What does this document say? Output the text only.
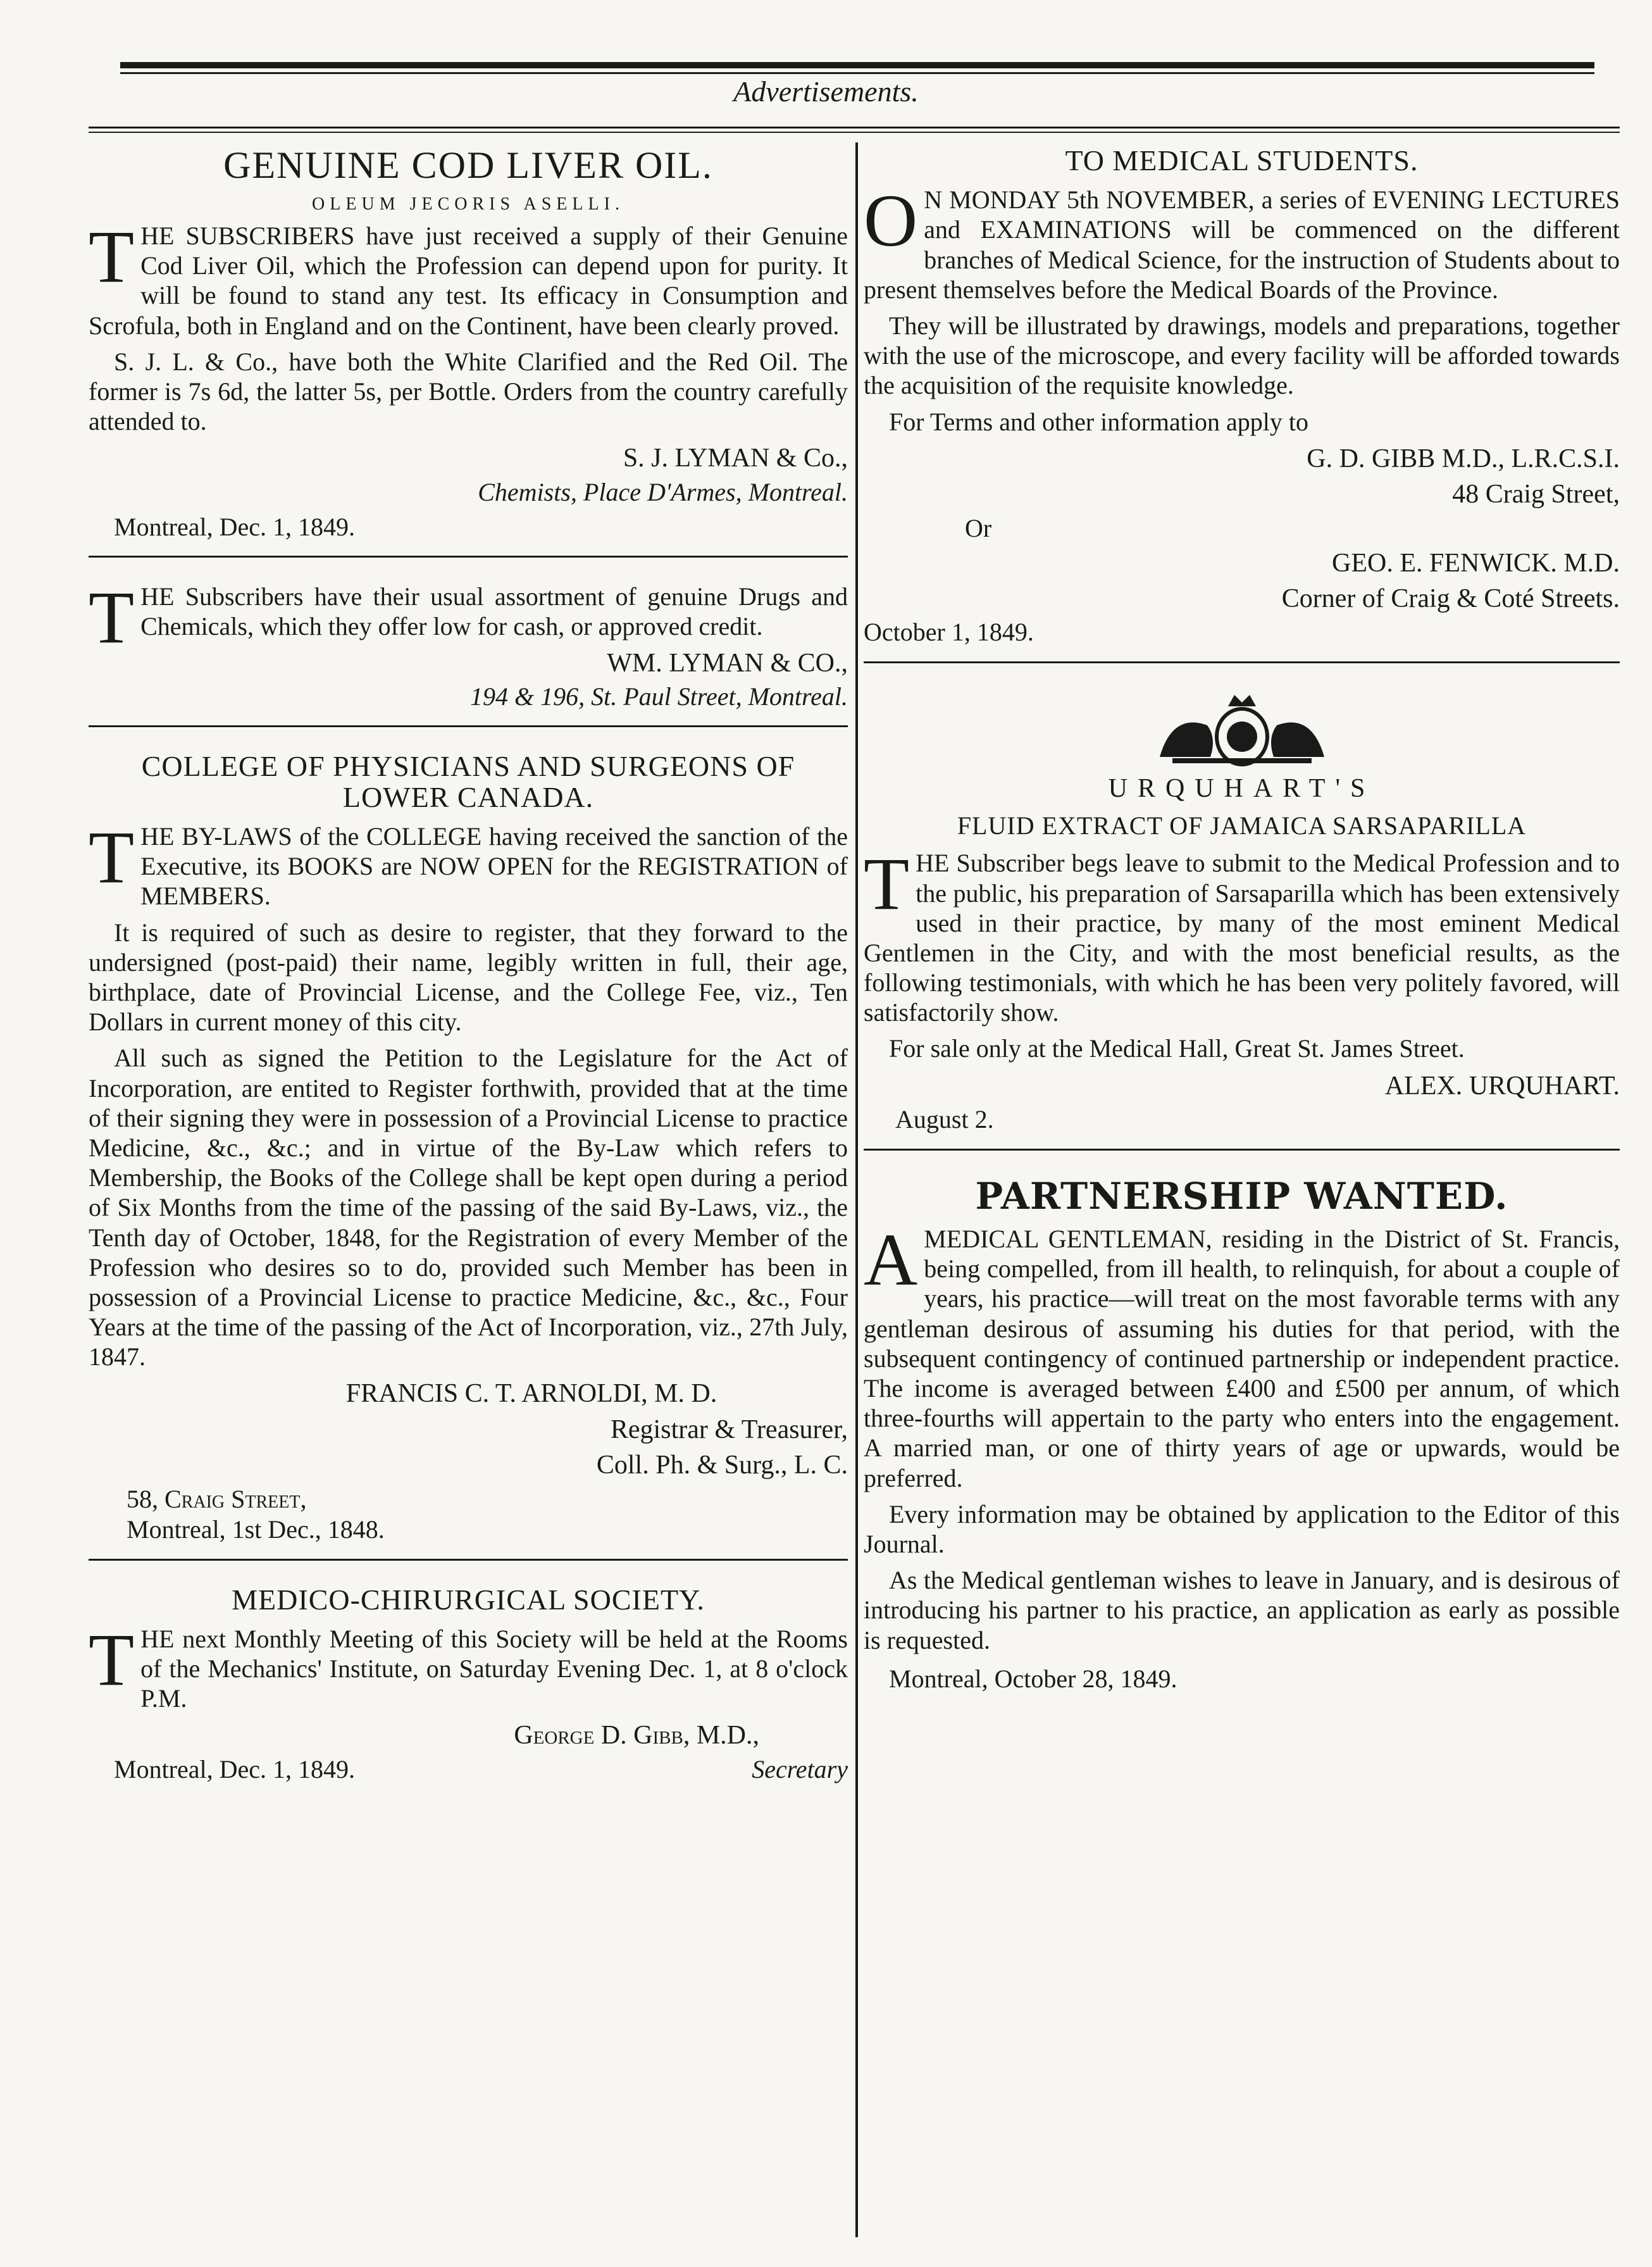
Advertisements.
GENUINE COD LIVER OIL.
OLEUM JECORIS ASELLI.

THE SUBSCRIBERS have just received a supply of their Genuine Cod Liver Oil, which the Profession can depend upon for purity. It will be found to stand any test. Its efficacy in Consumption and Scrofula, both in England and on the Continent, have been clearly proved.

S. J. L. & Co., have both the White Clarified and the Red Oil. The former is 7s 6d, the latter 5s, per Bottle. Orders from the country carefully attended to.

S. J. LYMAN & Co.,
Chemists, Place D'Armes, Montreal.
Montreal, Dec. 1, 1849.

THE Subscribers have their usual assortment of genuine Drugs and Chemicals, which they offer low for cash, or approved credit.

WM. LYMAN & CO.,
194 & 196, St. Paul Street, Montreal.
COLLEGE OF PHYSICIANS AND SURGEONS OF LOWER CANADA.

THE BY-LAWS of the COLLEGE having received the sanction of the Executive, its BOOKS are NOW OPEN for the REGISTRATION of MEMBERS.

It is required of such as desire to register, that they forward to the undersigned (post-paid) their name, legibly written in full, their age, birthplace, date of Provincial License, and the College Fee, viz., Ten Dollars in current money of this city.

All such as signed the Petition to the Legislature for the Act of Incorporation, are entited to Register forthwith, provided that at the time of their signing they were in possession of a Provincial License to practice Medicine, &c., &c.; and in virtue of the By-Law which refers to Membership, the Books of the College shall be kept open during a period of Six Months from the time of the passing of the said By-Laws, viz., the Tenth day of October, 1848, for the Registration of every Member of the Profession who desires so to do, provided such Member has been in possession of a Provincial License to practice Medicine, &c., &c., Four Years at the time of the passing of the Act of Incorporation, viz., 27th July, 1847.

FRANCIS C. T. ARNOLDI, M. D.
Registrar & Treasurer,
Coll. Ph. & Surg., L. C.
58, Craig Street,
Montreal, 1st Dec., 1848.
MEDICO-CHIRURGICAL SOCIETY.

THE next Monthly Meeting of this Society will be held at the Rooms of the Mechanics' Institute, on Saturday Evening Dec. 1, at 8 o'clock P.M.

George D. Gibb, M.D.,
Montreal, Dec. 1, 1849.	Secretary
TO MEDICAL STUDENTS.

O N MONDAY 5th NOVEMBER, a series of EVENING LECTURES and EXAMINATIONS will be commenced on the different branches of Medical Science, for the instruction of Students about to present themselves before the Medical Boards of the Province.

They will be illustrated by drawings, models and preparations, together with the use of the microscope, and every facility will be afforded towards the acquisition of the requisite knowledge.

For Terms and other information apply to

G. D. GIBB M.D., L.R.C.S.I.
48 Craig Street,
Or
GEO. E. FENWICK. M.D.
Corner of Craig & Coté Streets.
October 1, 1849.
URQUHART'S
FLUID EXTRACT OF JAMAICA SARSAPARILLA

THE Subscriber begs leave to submit to the Medical Profession and to the public, his preparation of Sarsaparilla which has been extensively used in their practice, by many of the most eminent Medical Gentlemen in the City, and with the most beneficial results, as the following testimonials, with which he has been very politely favored, will satisfactorily show.

For sale only at the Medical Hall, Great St. James Street.

ALEX. URQUHART.
August 2.
PARTNERSHIP WANTED.

AMEDICAL GENTLEMAN, residing in the District of St. Francis, being compelled, from ill health, to relinquish, for about a couple of years, his practice—will treat on the most favorable terms with any gentleman desirous of assuming his duties for that period, with the subsequent contingency of continued partnership or independent practice. The income is averaged between £400 and £500 per annum, of which three-fourths will appertain to the party who enters into the engagement. A married man, or one of thirty years of age or upwards, would be preferred.

Every information may be obtained by application to the Editor of this Journal.

As the Medical gentleman wishes to leave in January, and is desirous of introducing his partner to his practice, an application as early as possible is requested.

Montreal, October 28, 1849.
